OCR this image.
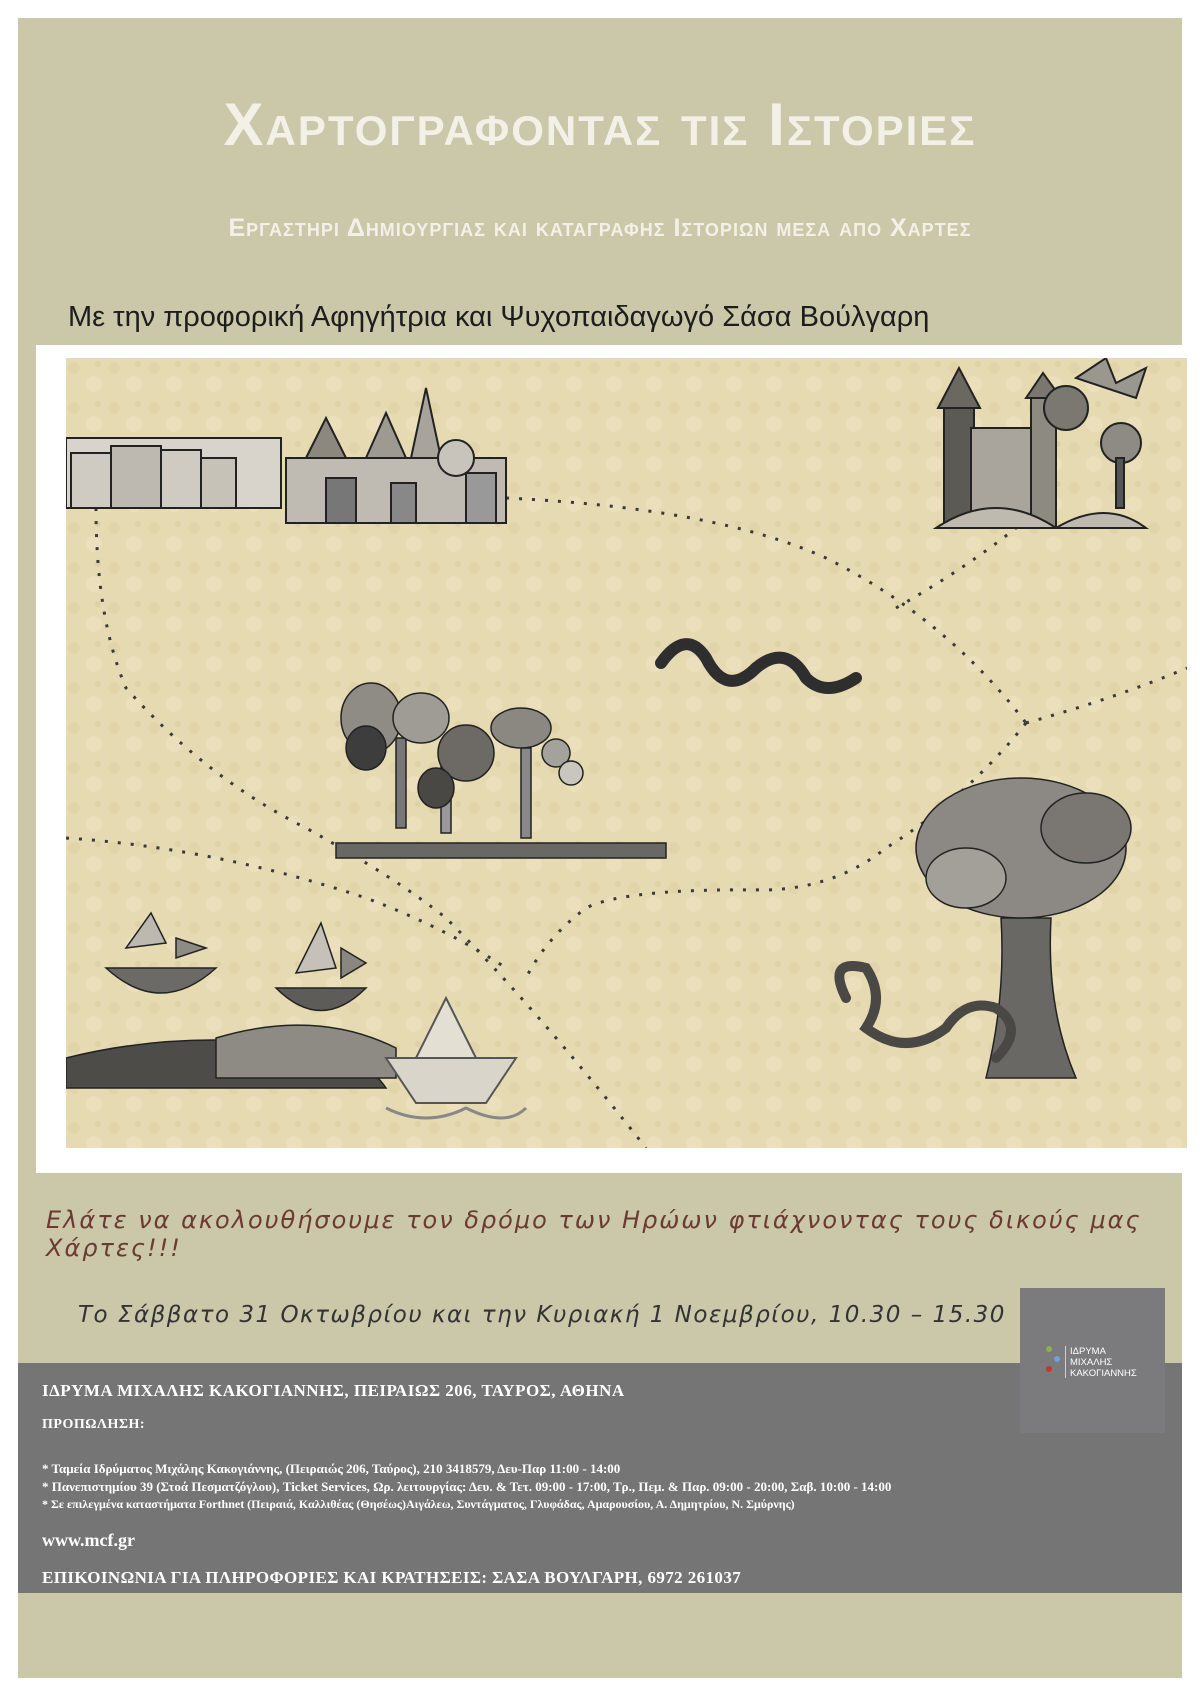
Χαρτογραφοντας τις Ιστοριες
Εργαστηρι Δημιουργιας και καταγραφης Ιστοριων μεσα απο Χαρτες
Με την προφορική Αφηγήτρια και Ψυχοπαιδαγωγό Σάσα Βούλγαρη
Ελάτε να ακολουθήσουμε τον δρόμο των Ηρώων φτιάχνοντας τους δικούς μας Χάρτες!!!
Το Σάββατο 31 Οκτωβρίου και την Κυριακή 1 Νοεμβρίου, 10.30 – 15.30
ΙΔΡΥΜΑ ΜΙΧΑΛΗΣ ΚΑΚΟΓΙΑΝΝΗΣ, ΠΕΙΡΑΙΩΣ 206, ΤΑΥΡΟΣ, ΑΘΗΝΑ
ΠΡΟΠΩΛΗΣΗ:
* Ταμεία Ιδρύματος Μιχάλης Κακογιάννης, (Πειραιώς 206, Ταύρος), 210 3418579, Δευ-Παρ 11:00 - 14:00
* Πανεπιστημίου 39 (Στοά Πεσματζόγλου), Ticket Services, Ωρ. λειτουργίας: Δευ. & Τετ. 09:00 - 17:00, Τρ., Πεμ. & Παρ. 09:00 - 20:00, Σαβ. 10:00 - 14:00
* Σε επιλεγμένα καταστήματα Forthnet (Πειραιά, Καλλιθέας (Θησέως)Αιγάλεω, Συντάγματος, Γλυφάδας, Αμαρουσίου, Α. Δημητρίου, Ν. Σμύρνης)
www.mcf.gr
ΕΠΙΚΟΙΝΩΝΙΑ ΓΙΑ ΠΛΗΡΟΦΟΡΙΕΣ ΚΑΙ ΚΡΑΤΗΣΕΙΣ: ΣΑΣΑ ΒΟΥΛΓΑΡΗ, 6972 261037
ΙΔΡΥΜΑ
ΜΙΧΑΛΗΣ
ΚΑΚΟΓΙΑΝΝΗΣ
